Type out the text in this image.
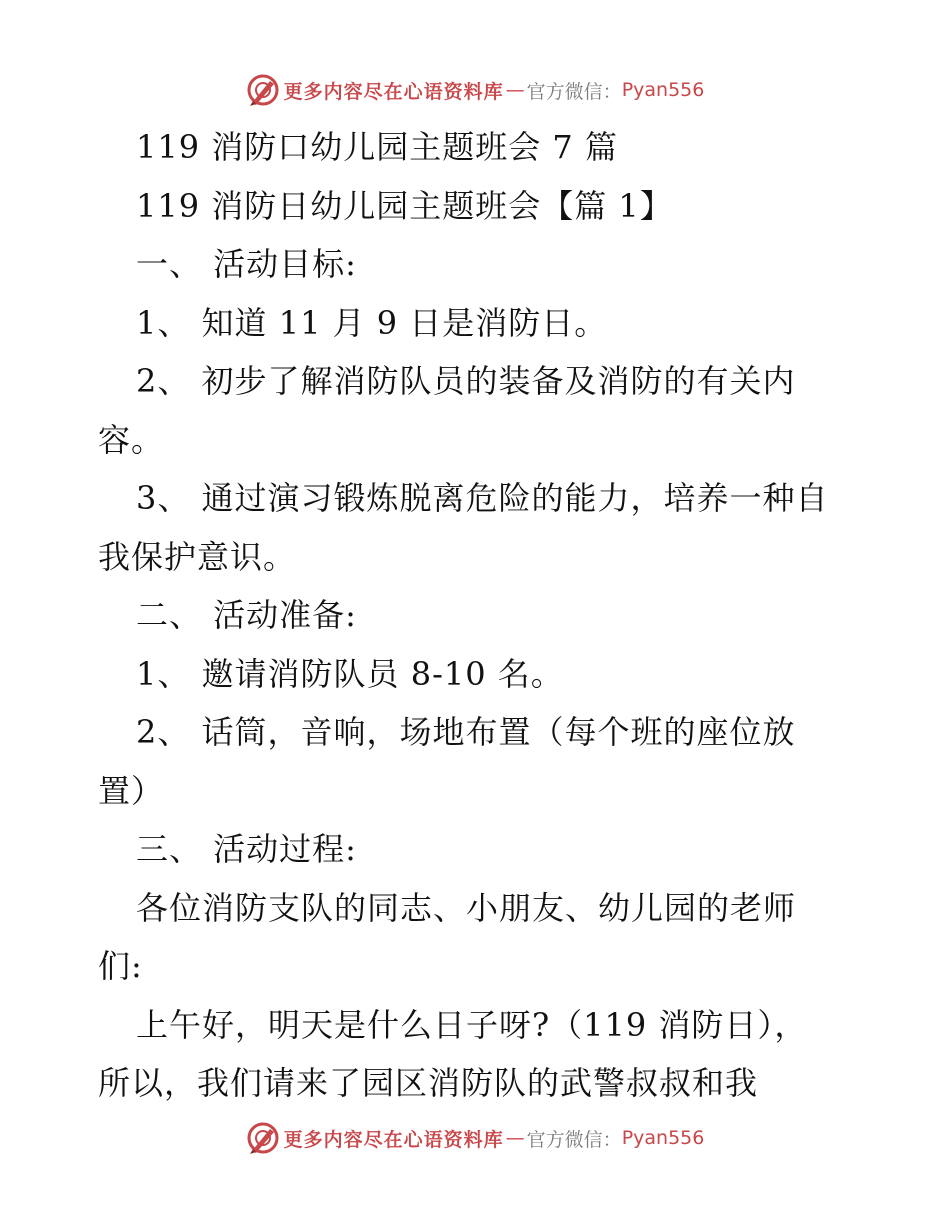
更多内容尽在心语资料库 — 官方微信： Pyan556
119 消防口幼儿园主题班会 7 篇
119 消防日幼儿园主题班会【篇 1】
一、 活动目标:
1、 知道 11 月 9 日是消防日。
2、 初步了解消防队员的装备及消防的有关内
容。
3、 通过演习锻炼脱离危险的能力，培养一种自
我保护意识。
二、 活动准备:
1、 邀请消防队员 8-10 名。
2、 话筒，音响，场地布置（每个班的座位放
置）
三、 活动过程:
各位消防支队的同志、小朋友、幼儿园的老师
们:
上午好，明天是什么日子呀?（119 消防日），
所以，我们请来了园区消防队的武警叔叔和我
更多内容尽在心语资料库 — 官方微信： Pyan556
